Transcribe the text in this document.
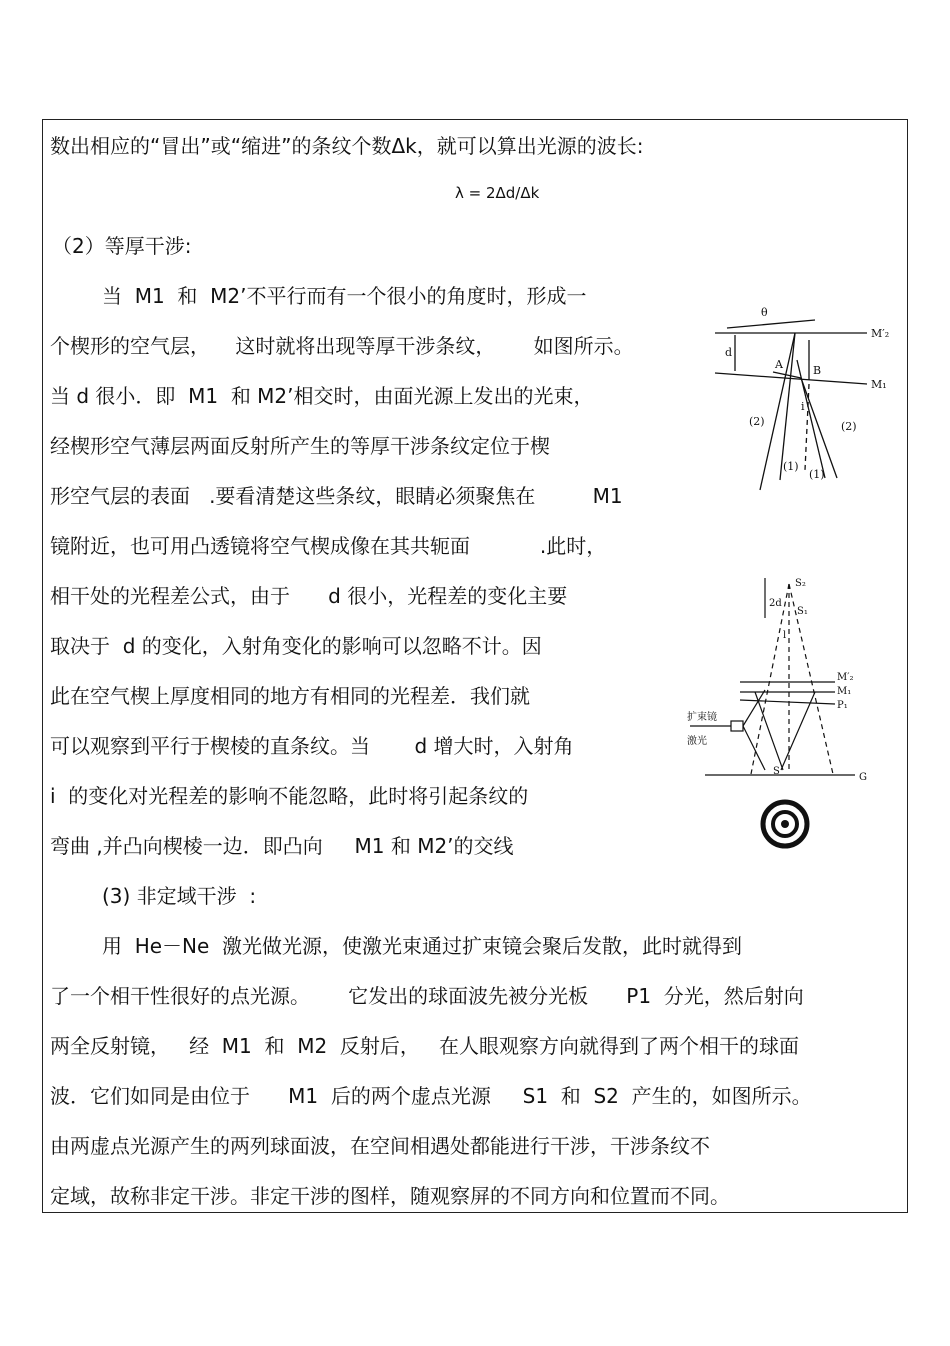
数出相应的“冒出”或“缩进”的条纹个数Δk，就可以算出光源的波长:
λ = 2Δd/Δk
（2）等厚干涉:
当  M1  和  M2’不平行而有一个很小的角度时，形成一
个楔形的空气层，    这时就将出现等厚干涉条纹，      如图所示。
当 d 很小．即  M1  和 M2’相交时，由面光源上发出的光束，
经楔形空气薄层两面反射所产生的等厚干涉条纹定位于楔
形空气层的表面   .要看清楚这些条纹，眼睛必须聚焦在         M1
镜附近，也可用凸透镜将空气楔成像在其共轭面           .此时，
相干处的光程差公式，由于      d 很小，光程差的变化主要
取决于  d 的变化，入射角变化的影响可以忽略不计。因
此在空气楔上厚度相同的地方有相同的光程差．我们就
可以观察到平行于楔棱的直条纹。当       d 增大时，入射角
i  的变化对光程差的影响不能忽略，此时将引起条纹的
弯曲 ,并凸向楔棱一边．即凸向     M1 和 M2’的交线
(3) 非定域干涉  :
用  He－Ne  激光做光源，使激光束通过扩束镜会聚后发散，此时就得到
了一个相干性很好的点光源。      它发出的球面波先被分光板      P1  分光，然后射向
两全反射镜，   经  M1  和  M2  反射后，   在人眼观察方向就得到了两个相干的球面
波．它们如同是由位于      M1  后的两个虚点光源     S1  和  S2  产生的，如图所示。
由两虚点光源产生的两列球面波，在空间相遇处都能进行干涉，干涉条纹不
定域，故称非定干涉。非定干涉的图样，随观察屏的不同方向和位置而不同。
θ
M′₂
M₁
d
A	B
i
(2)	(2)
(1)
(1)
S₂
S₁
2d
l
M′₂
M₁
P₁
扩束镜
激光
S
G
